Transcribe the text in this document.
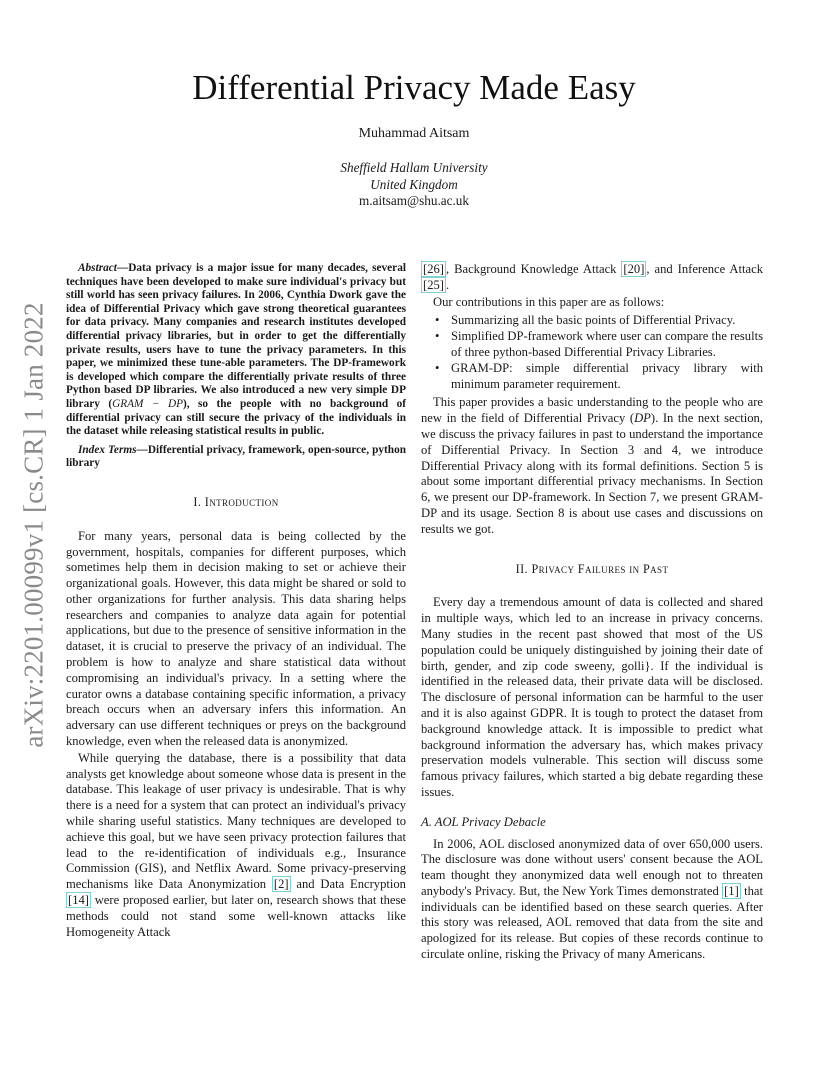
arXiv:2201.00099v1 [cs.CR] 1 Jan 2022
Differential Privacy Made Easy
Muhammad Aitsam
Sheffield Hallam University
United Kingdom
m.aitsam@shu.ac.uk

Abstract—Data privacy is a major issue for many decades, several techniques have been developed to make sure individual's privacy but still world has seen privacy failures. In 2006, Cynthia Dwork gave the idea of Differential Privacy which gave strong theoretical guarantees for data privacy. Many companies and research institutes developed differential privacy libraries, but in order to get the differentially private results, users have to tune the privacy parameters. In this paper, we minimized these tune-able parameters. The DP-framework is developed which compare the differentially private results of three Python based DP libraries. We also introduced a new very simple DP library (GRAM − DP), so the people with no background of differential privacy can still secure the privacy of the individuals in the dataset while releasing statistical results in public.

Index Terms—Differential privacy, framework, open-source, python library

I. Introduction

For many years, personal data is being collected by the government, hospitals, companies for different purposes, which sometimes help them in decision making to set or achieve their organizational goals. However, this data might be shared or sold to other organizations for further analysis. This data sharing helps researchers and companies to analyze data again for potential applications, but due to the presence of sensitive information in the dataset, it is crucial to preserve the privacy of an individual. The problem is how to analyze and share statistical data without compromising an individual's privacy. In a setting where the curator owns a database containing specific information, a privacy breach occurs when an adversary infers this information. An adversary can use different techniques or preys on the background knowledge, even when the released data is anonymized.

While querying the database, there is a possibility that data analysts get knowledge about someone whose data is present in the database. This leakage of user privacy is undesirable. That is why there is a need for a system that can protect an individual's privacy while sharing useful statistics. Many techniques are developed to achieve this goal, but we have seen privacy protection failures that lead to the re-identification of individuals e.g., Insurance Commission (GIS), and Netflix Award. Some privacy-preserving mechanisms like Data Anonymization [2] and Data Encryption [14] were proposed earlier, but later on, research shows that these methods could not stand some well-known attacks like Homogeneity Attack

[26] , Background Knowledge Attack [20] , and Inference Attack [25] .

Our contributions in this paper are as follows:

• Summarizing all the basic points of Differential Privacy.
• Simplified DP-framework where user can compare the results of three python-based Differential Privacy Libraries.
• GRAM-DP: simple differential privacy library with minimum parameter requirement.

This paper provides a basic understanding to the people who are new in the field of Differential Privacy (DP). In the next section, we discuss the privacy failures in past to understand the importance of Differential Privacy. In Section 3 and 4, we introduce Differential Privacy along with its formal definitions. Section 5 is about some important differential privacy mechanisms. In Section 6, we present our DP-framework. In Section 7, we present GRAM-DP and its usage. Section 8 is about use cases and discussions on results we got.

II. Privacy Failures in Past

Every day a tremendous amount of data is collected and shared in multiple ways, which led to an increase in privacy concerns. Many studies in the recent past showed that most of the US population could be uniquely distinguished by joining their date of birth, gender, and zip code sweeny, golli}. If the individual is identified in the released data, their private data will be disclosed. The disclosure of personal information can be harmful to the user and it is also against GDPR. It is tough to protect the dataset from background knowledge attack. It is impossible to predict what background information the adversary has, which makes privacy preservation models vulnerable. This section will discuss some famous privacy failures, which started a big debate regarding these issues.

A. AOL Privacy Debacle

In 2006, AOL disclosed anonymized data of over 650,000 users. The disclosure was done without users' consent because the AOL team thought they anonymized data well enough not to threaten anybody's Privacy. But, the New York Times demonstrated [1] that individuals can be identified based on these search queries. After this story was released, AOL removed that data from the site and apologized for its release. But copies of these records continue to circulate online, risking the Privacy of many Americans.
